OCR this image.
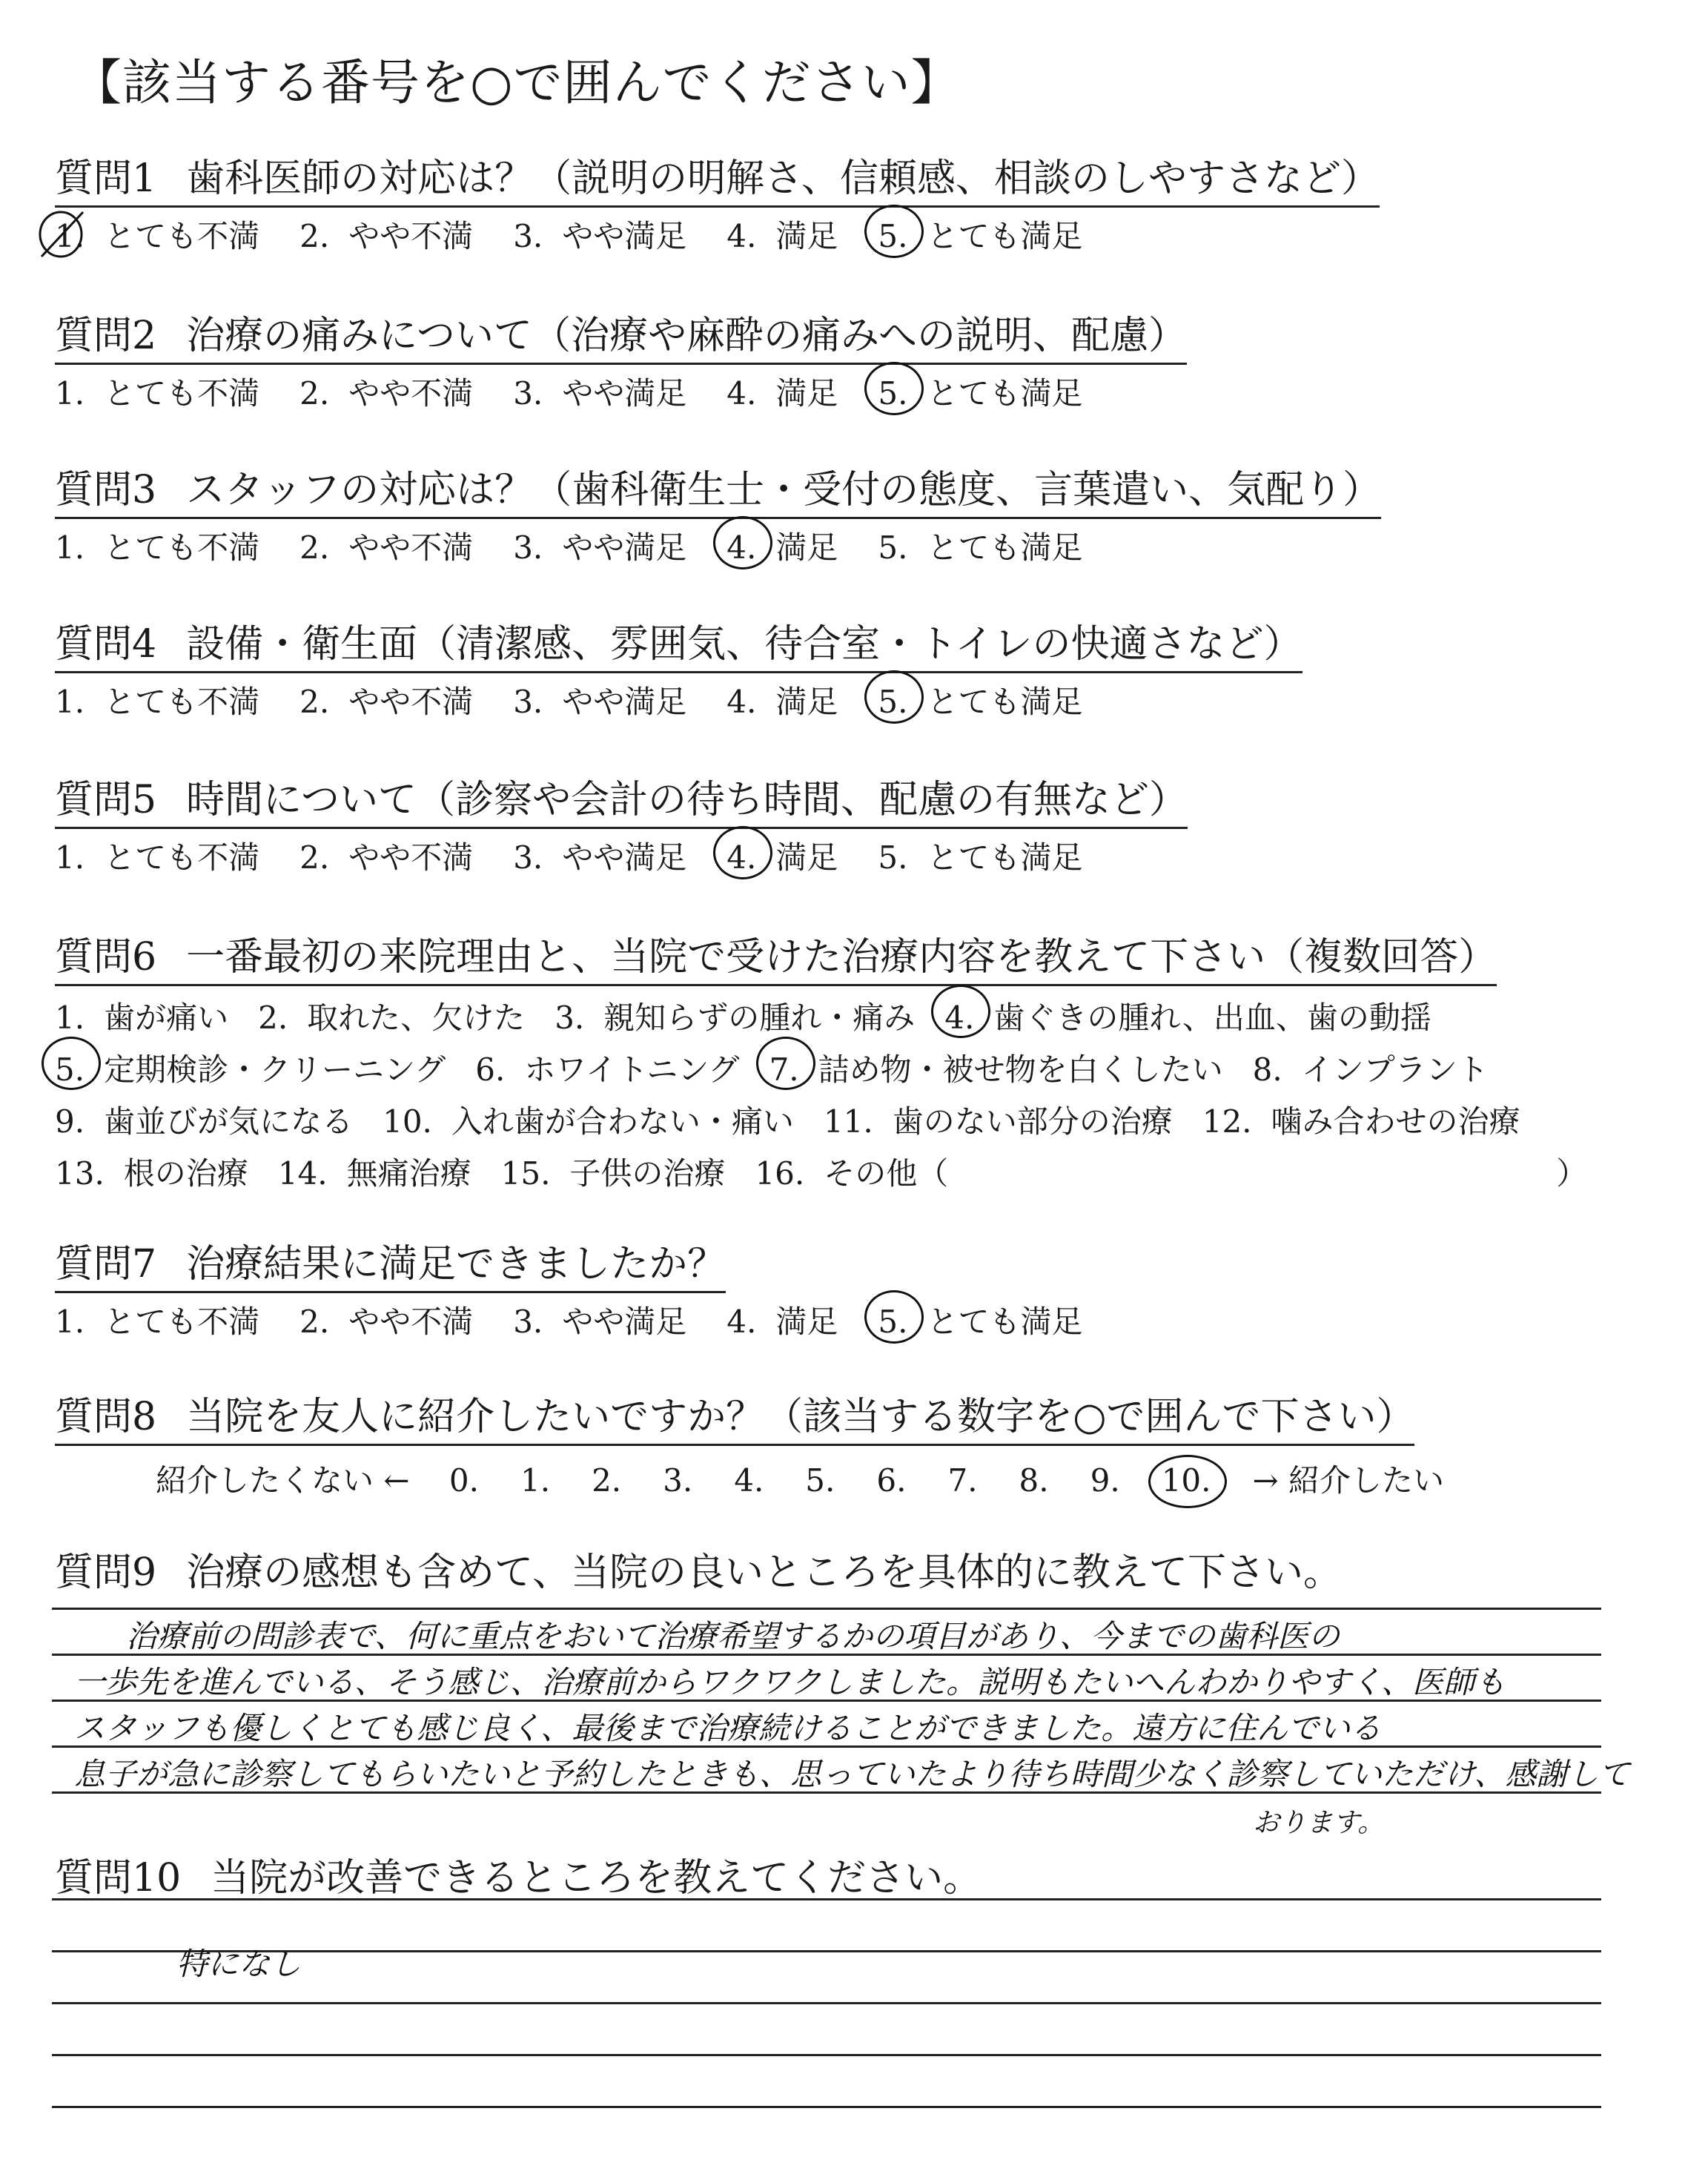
【該当する番号を○で囲んでください】
質問1 歯科医師の対応は？（説明の明解さ、信頼感、相談のしやすさなど）
1. とても不満 2. やや不満 3. やや満足 4. 満足 5. とても満足
質問2 治療の痛みについて（治療や麻酔の痛みへの説明、配慮）
1. とても不満 2. やや不満 3. やや満足 4. 満足 5. とても満足
質問3 スタッフの対応は？（歯科衛生士・受付の態度、言葉遣い、気配り）
1. とても不満 2. やや不満 3. やや満足 4. 満足 5. とても満足
質問4 設備・衛生面（清潔感、雰囲気、待合室・トイレの快適さなど）
1. とても不満 2. やや不満 3. やや満足 4. 満足 5. とても満足
質問5 時間について（診察や会計の待ち時間、配慮の有無など）
1. とても不満 2. やや不満 3. やや満足 4. 満足 5. とても満足
質問6 一番最初の来院理由と、当院で受けた治療内容を教えて下さい（複数回答）
1. 歯が痛い 2. 取れた、欠けた 3. 親知らずの腫れ・痛み 4. 歯ぐきの腫れ、出血、歯の動揺
5. 定期検診・クリーニング 6. ホワイトニング 7. 詰め物・被せ物を白くしたい 8. インプラント
9. 歯並びが気になる 10. 入れ歯が合わない・痛い 11. 歯のない部分の治療 12. 噛み合わせの治療
13. 根の治療 14. 無痛治療 15. 子供の治療 16. その他（	）
質問7 治療結果に満足できましたか？
1. とても不満 2. やや不満 3. やや満足 4. 満足 5. とても満足
質問8 当院を友人に紹介したいですか？（該当する数字を○で囲んで下さい）
紹介したくない ← 0. 1. 2. 3. 4. 5. 6. 7. 8. 9. 10. → 紹介したい
質問9 治療の感想も含めて、当院の良いところを具体的に教えて下さい。
治療前の問診表で、何に重点をおいて治療希望するかの項目があり、今までの歯科医の
一歩先を進んでいる、そう感じ、治療前からワクワクしました。説明もたいへんわかりやすく、医師も
スタッフも優しくとても感じ良く、最後まで治療続けることができました。遠方に住んでいる
息子が急に診察してもらいたいと予約したときも、思っていたより待ち時間少なく診察していただけ、感謝して
おります。
質問10 当院が改善できるところを教えてください。
特になし
